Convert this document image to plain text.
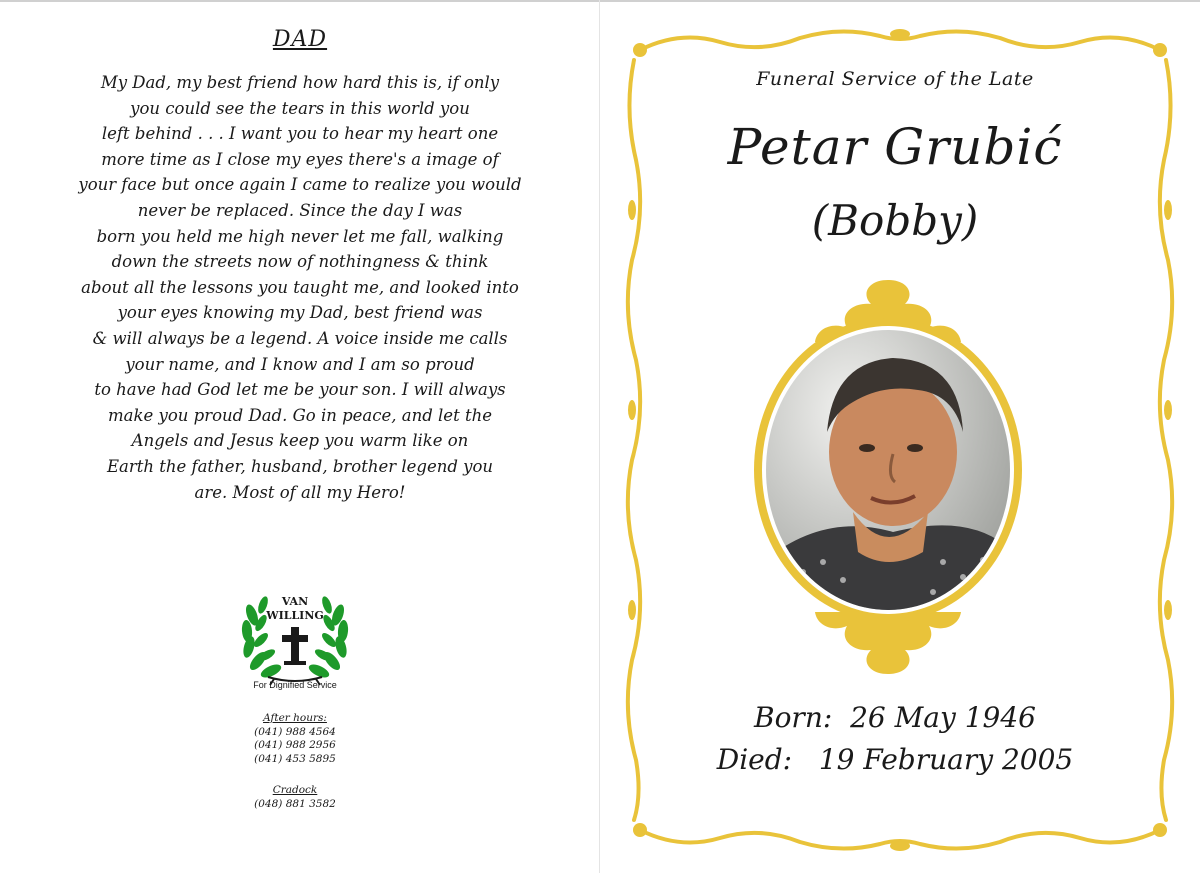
DAD
My Dad, my best friend how hard this is, if only
you could see the tears in this world you
left behind . . . I want you to hear my heart one
more time as I close my eyes there's a image of
your face but once again I came to realize you would
never be replaced. Since the day I was
born you held me high never let me fall, walking
down the streets now of nothingness & think
about all the lessons you taught me, and looked into
your eyes knowing my Dad, best friend was
& will always be a legend. A voice inside me calls
your name, and I know and I am so proud
to have had God let me be your son. I will always
make you proud Dad. Go in peace, and let the
Angels and Jesus keep you warm like on
Earth the father, husband, brother legend you
are. Most of all my Hero!
VAN
WILLING
For Dignified Service
After hours:
(041) 988 4564
(041) 988 2956
(041) 453 5895
Cradock
(048) 881 3582
Funeral Service of the Late
Petar Grubić
(Bobby)
Born: 26 May 1946
Died: 19 February 2005
